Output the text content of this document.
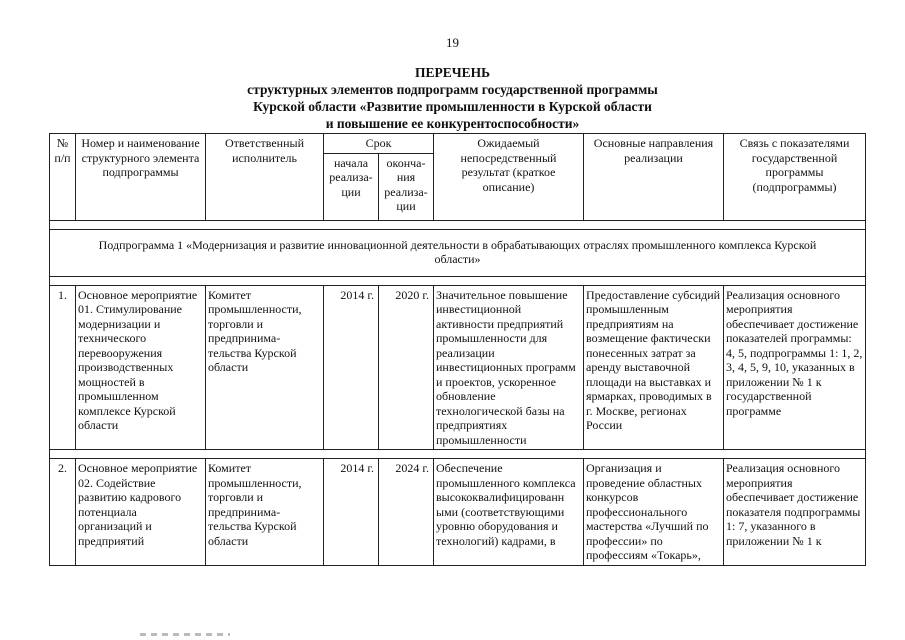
19
ПЕРЕЧЕНЬ
структурных элементов подпрограмм государственной программы
Курской области «Развитие промышленности в Курской области
и повышение ее конкурентоспособности»
№ п/п	Номер и наименование структурного элемента подпрограммы	Ответственный исполнитель	Срок		Ожидаемый непосредственный результат (краткое описание)	Основные направления реализации	Связь с показателями государственной программы (подпрограммы)

			начала реализа- ции	оконча- ния реализа- ции			

Подпрограмма 1 «Модернизация и развитие инновационной деятельности в обрабатывающих отраслях промышленного комплекса Курской области»							

1.	Основное мероприятие 01. Стимулирование модернизации и технического перевооружения производственных мощностей в промышленном комплексе Курской области	Комитет промышленности, торговли и предпринима- тельства Курской области	2014 г.	2020 г.	Значительное повышение инвестиционной активности предприятий промышленности для реализации инвестиционных программ и проектов, ускоренное обновление технологической базы на предприятиях промышленности	Предоставление субсидий промышленным предприятиям на возмещение фактически понесенных затрат за аренду выставочной площади на выставках и ярмарках, проводимых в г. Москве, регионах России	Реализация основного мероприятия обеспечивает достижение показателей программы: 4, 5, подпрограммы 1: 1, 2, 3, 4, 5, 9, 10, указанных в приложении № 1 к государственной программе

2.	Основное мероприятие 02. Содействие развитию кадрового потенциала организаций и предприятий	Комитет промышленности, торговли и предпринима- тельства Курской области	2014 г.	2024 г.	Обеспечение промышленного комплекса высококвалифицированн ыми (соответствующими уровню оборудования и технологий) кадрами, в	Организация и проведение областных конкурсов профессионального мастерства «Лучший по профессии» по профессиям «Токарь»,	Реализация основного мероприятия обеспечивает достижение показателя подпрограммы 1: 7, указанного в приложении № 1 к
